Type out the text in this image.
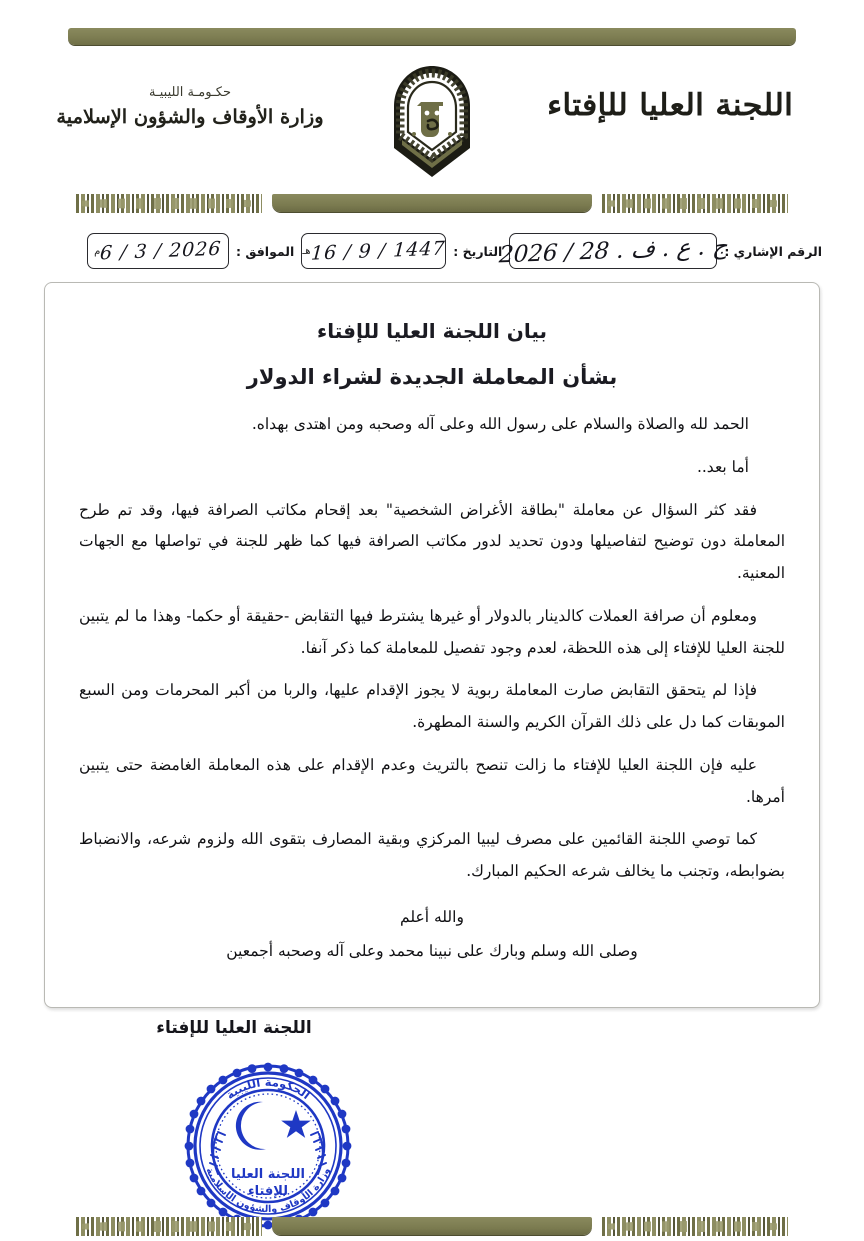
اللجنة العليا للإفتاء
حكـومـة الليبيـة
وزارة الأوقاف والشؤون الإسلامية
الرقم الإشاري :
ج . ع . ف . 28 / 2026
التاريخ :
16 / 9 / 1447
هـ
الموافق :
6 / 3 / 2026
م
بيان اللجنة العليا للإفتاء
بشأن المعاملة الجديدة لشراء الدولار

الحمد لله والصلاة والسلام على رسول الله وعلى آله وصحبه ومن اهتدى بهداه.

أما بعد..

فقد كثر السؤال عن معاملة "بطاقة الأغراض الشخصية" بعد إقحام مكاتب الصرافة فيها، وقد تم طرح المعاملة دون توضيح لتفاصيلها ودون تحديد لدور مكاتب الصرافة فيها كما ظهر للجنة في تواصلها مع الجهات المعنية.

ومعلوم أن صرافة العملات كالدينار بالدولار أو غيرها يشترط فيها التقابض -حقيقة أو حكما- وهذا ما لم يتبين للجنة العليا للإفتاء إلى هذه اللحظة، لعدم وجود تفصيل للمعاملة كما ذكر آنفا.

فإذا لم يتحقق التقابض صارت المعاملة ربوية لا يجوز الإقدام عليها، والربا من أكبر المحرمات ومن السبع الموبقات كما دل على ذلك القرآن الكريم والسنة المطهرة.

عليه فإن اللجنة العليا للإفتاء ما زالت تنصح بالتريث وعدم الإقدام على هذه المعاملة الغامضة حتى يتبين أمرها.

كما توصي اللجنة القائمين على مصرف ليبيا المركزي وبقية المصارف بتقوى الله ولزوم شرعه، والانضباط بضوابطه، وتجنب ما يخالف شرعه الحكيم المبارك.

والله أعلم
وصلى الله وسلم وبارك على نبينا محمد وعلى آله وصحبه أجمعين
اللجنة العليا للإفتاء
الحكومة الليبية
وزارة الأوقاف والشؤون الإسلامية
اللجنة العليا
للإفتاء
